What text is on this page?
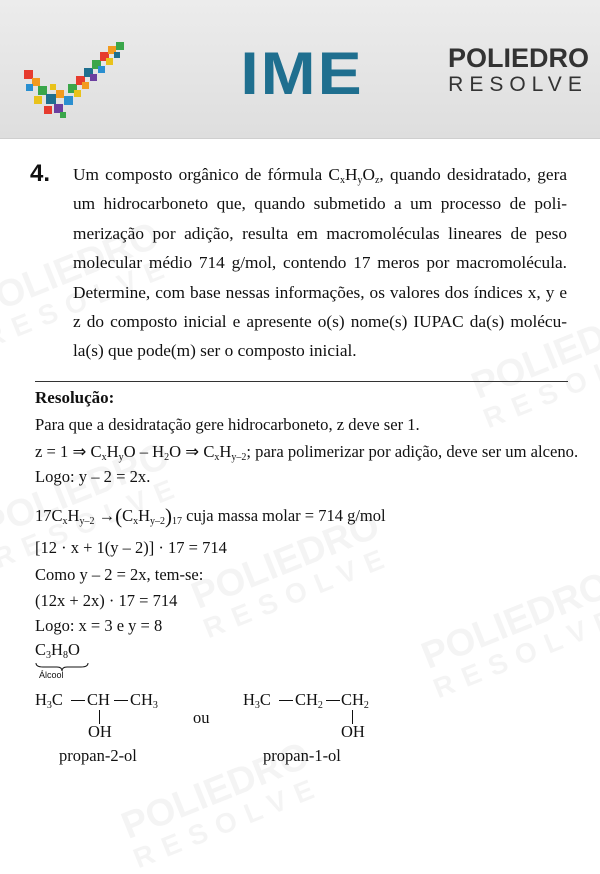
IME	POLIEDRO
RESOLVE
4. Um composto orgânico de fórmula $C_xH_yO_z$, quando desidratado, gera
um hidrocarboneto que, quando submetido a um processo de poli-
merização por adição, resulta em macromoléculas lineares de peso
molecular médio 714 g/mol, contendo 17 meros por macromolécula.
Determine, com base nessas informações, os valores dos índices x, y e
z do composto inicial e apresente o(s) nome(s) IUPAC da(s) molécu-
la(s) que pode(m) ser o composto inicial.
Resolução:
Para que a desidratação gere hidrocarboneto, z deve ser 1.
z = 1 ⇒ $C_xH_yO - H_2O$ ⇒ $C_xH_{y-2}$; para polimerizar por adição, deve ser um alceno.
Logo: y – 2 = 2x.
$17C_xH_{y-2} \to(C_xH_{y-2})_{17}$ cuja massa molar = 714 g/mol
[12 · x + 1(y – 2)] · 17 = 714
Como y – 2 = 2x, tem-se:
(12x + 2x) · 17 = 714
Logo: x = 3 e y = 8
$C_3H_8O$
Álcool
$H_3C$ CH $CH_3$
OH
ou
$H_3C$ $CH_2$ $CH_2$
OH
propan-2-ol	propan-1-ol
